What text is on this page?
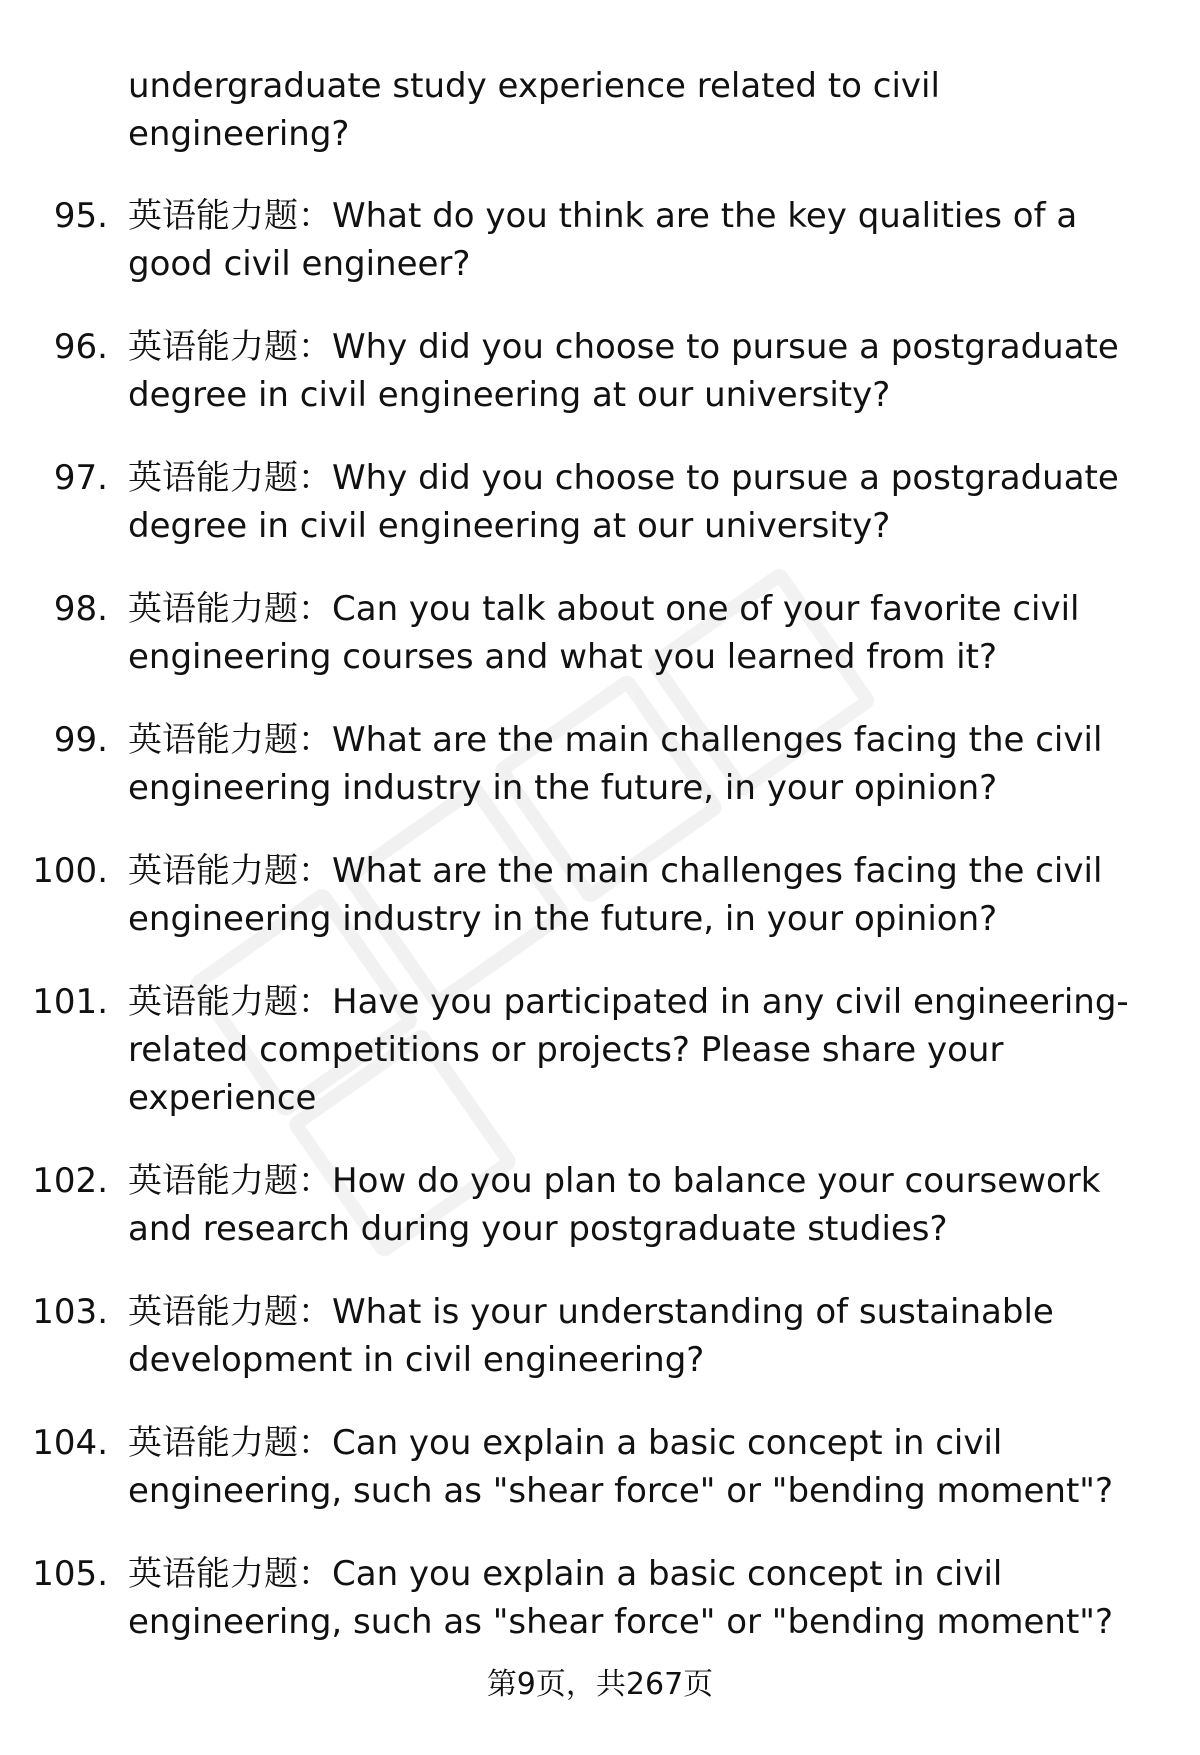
undergraduate study experience related to civil engineering?
95. 英语能力题：What do you think are the key qualities of a good civil engineer?
96. 英语能力题：Why did you choose to pursue a postgraduate degree in civil engineering at our university?
97. 英语能力题：Why did you choose to pursue a postgraduate degree in civil engineering at our university?
98. 英语能力题：Can you talk about one of your favorite civil engineering courses and what you learned from it?
99. 英语能力题：What are the main challenges facing the civil engineering industry in the future, in your opinion?
100. 英语能力题：What are the main challenges facing the civil engineering industry in the future, in your opinion?
101. 英语能力题：Have you participated in any civil engineering-related competitions or projects? Please share your experience
102. 英语能力题：How do you plan to balance your coursework and research during your postgraduate studies?
103. 英语能力题：What is your understanding of sustainable development in civil engineering?
104. 英语能力题：Can you explain a basic concept in civil engineering, such as "shear force" or "bending moment"?
105. 英语能力题：Can you explain a basic concept in civil engineering, such as "shear force" or "bending moment"?
第9页，共267页
